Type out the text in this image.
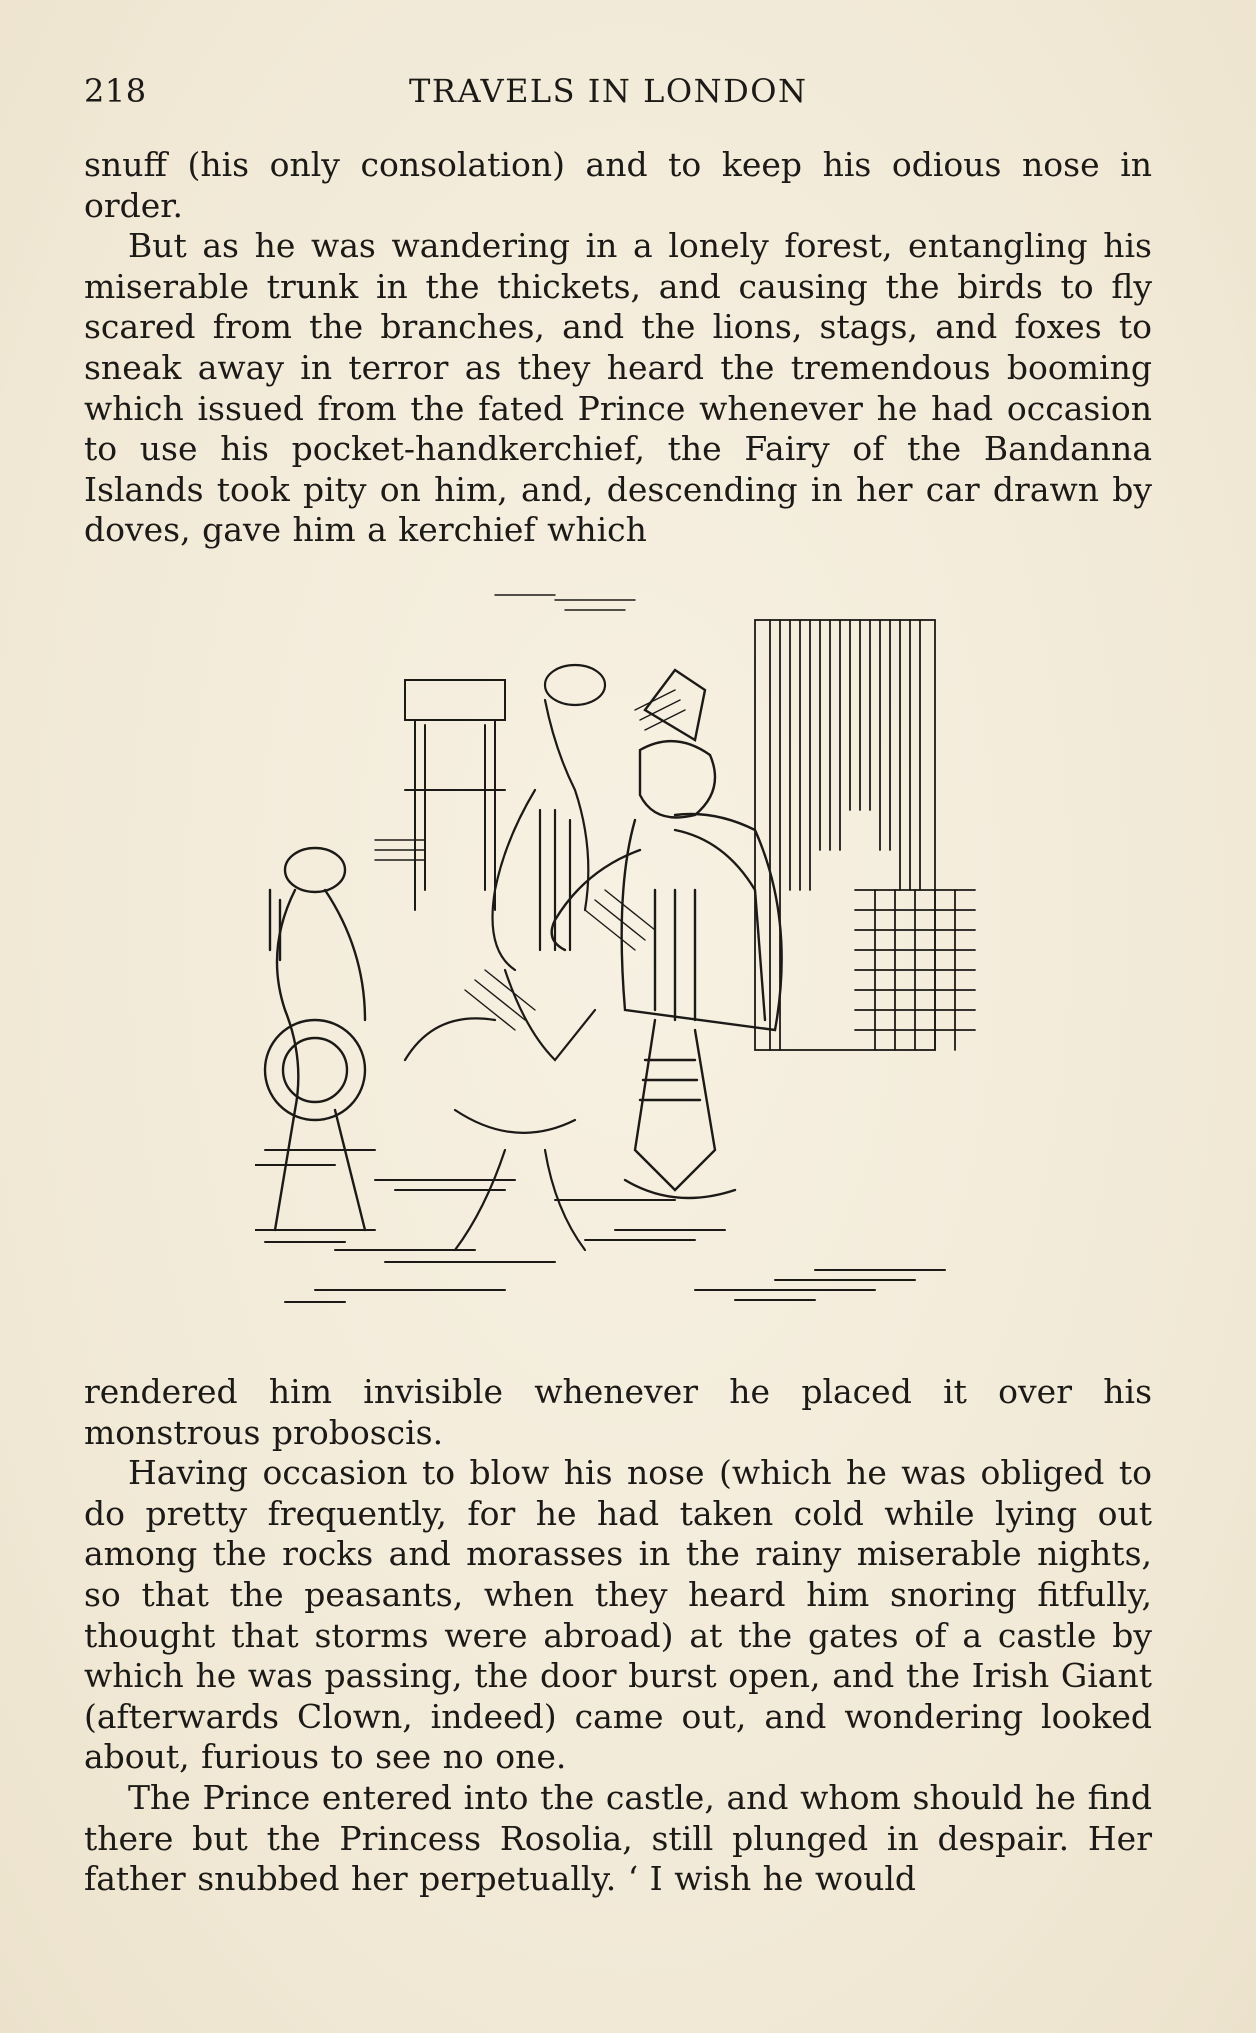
218	TRAVELS IN LONDON

snuff (his only consolation) and to keep his odious nose in order.

But as he was wandering in a lonely forest, entangling his miserable trunk in the thickets, and causing the birds to fly scared from the branches, and the lions, stags, and foxes to sneak away in terror as they heard the tremendous booming which issued from the fated Prince whenever he had occasion to use his pocket-handkerchief, the Fairy of the Bandanna Islands took pity on him, and, descending in her car drawn by doves, gave him a kerchief which

rendered him invisible whenever he placed it over his monstrous proboscis.

Having occasion to blow his nose (which he was obliged to do pretty frequently, for he had taken cold while lying out among the rocks and morasses in the rainy miserable nights, so that the peasants, when they heard him snoring fitfully, thought that storms were abroad) at the gates of a castle by which he was passing, the door burst open, and the Irish Giant (afterwards Clown, indeed) came out, and wondering looked about, furious to see no one.

The Prince entered into the castle, and whom should he find there but the Princess Rosolia, still plunged in despair. Her father snubbed her perpetually. ‘ I wish he would
